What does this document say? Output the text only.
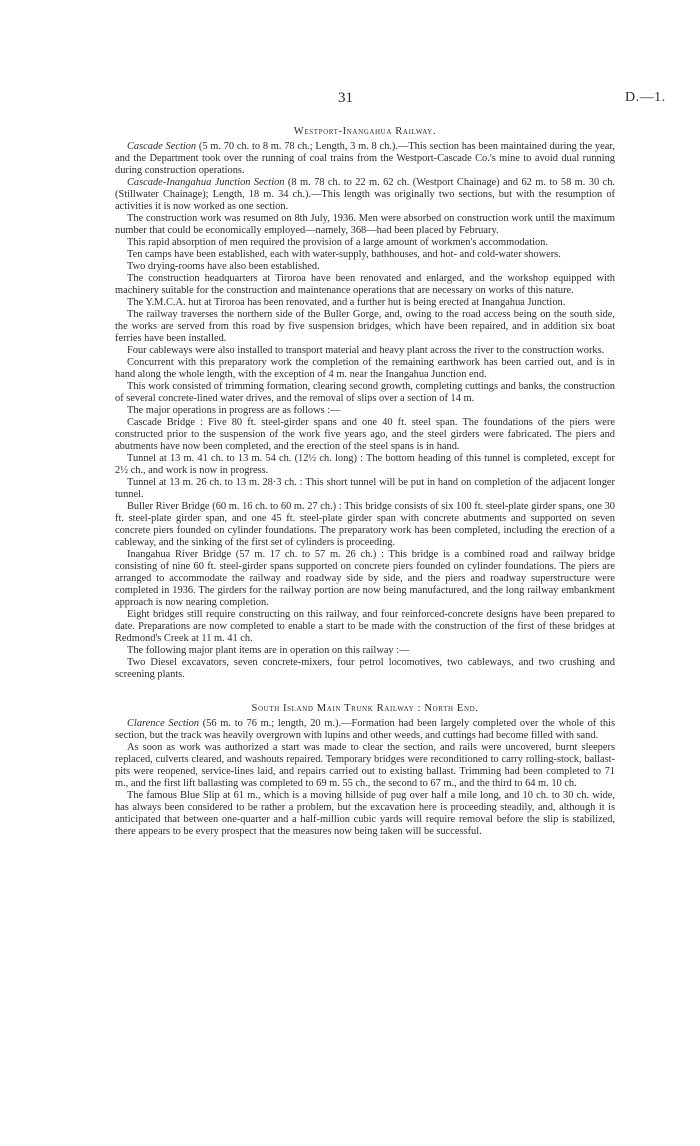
31	D.—1.
Westport-Inangahua Railway.

Cascade Section (5 m. 70 ch. to 8 m. 78 ch.; Length, 3 m. 8 ch.).—This section has been maintained during the year, and the Department took over the running of coal trains from the Westport-Cascade Co.'s mine to avoid dual running during construction operations.

Cascade-Inangahua Junction Section (8 m. 78 ch. to 22 m. 62 ch. (Westport Chainage) and 62 m. to 58 m. 30 ch. (Stillwater Chainage); Length, 18 m. 34 ch.).—This length was originally two sections, but with the resumption of activities it is now worked as one section.

The construction work was resumed on 8th July, 1936. Men were absorbed on construction work until the maximum number that could be economically employed—namely, 368—had been placed by February.

This rapid absorption of men required the provision of a large amount of workmen's accommodation.

Ten camps have been established, each with water-supply, bathhouses, and hot- and cold-water showers.

Two drying-rooms have also been established.

The construction headquarters at Tiroroa have been renovated and enlarged, and the workshop equipped with machinery suitable for the construction and maintenance operations that are necessary on works of this nature.

The Y.M.C.A. hut at Tiroroa has been renovated, and a further hut is being erected at Inangahua Junction.

The railway traverses the northern side of the Buller Gorge, and, owing to the road access being on the south side, the works are served from this road by five suspension bridges, which have been repaired, and in addition six boat ferries have been installed.

Four cableways were also installed to transport material and heavy plant across the river to the construction works.

Concurrent with this preparatory work the completion of the remaining earthwork has been carried out, and is in hand along the whole length, with the exception of 4 m. near the Inangahua Junction end.

This work consisted of trimming formation, clearing second growth, completing cuttings and banks, the construction of several concrete-lined water drives, and the removal of slips over a section of 14 m.

The major operations in progress are as follows :—

Cascade Bridge : Five 80 ft. steel-girder spans and one 40 ft. steel span. The foundations of the piers were constructed prior to the suspension of the work five years ago, and the steel girders were fabricated. The piers and abutments have now been completed, and the erection of the steel spans is in hand.

Tunnel at 13 m. 41 ch. to 13 m. 54 ch. (12½ ch. long) : The bottom heading of this tunnel is completed, except for 2½ ch., and work is now in progress.

Tunnel at 13 m. 26 ch. to 13 m. 28·3 ch. : This short tunnel will be put in hand on completion of the adjacent longer tunnel.

Buller River Bridge (60 m. 16 ch. to 60 m. 27 ch.) : This bridge consists of six 100 ft. steel-plate girder spans, one 30 ft. steel-plate girder span, and one 45 ft. steel-plate girder span with concrete abutments and supported on seven concrete piers founded on cylinder foundations. The preparatory work has been completed, including the erection of a cableway, and the sinking of the first set of cylinders is proceeding.

Inangahua River Bridge (57 m. 17 ch. to 57 m. 26 ch.) : This bridge is a combined road and railway bridge consisting of nine 60 ft. steel-girder spans supported on concrete piers founded on cylinder foundations. The piers are arranged to accommodate the railway and roadway side by side, and the piers and roadway superstructure were completed in 1936. The girders for the railway portion are now being manufactured, and the long railway embankment approach is now nearing completion.

Eight bridges still require constructing on this railway, and four reinforced-concrete designs have been prepared to date. Preparations are now completed to enable a start to be made with the construction of the first of these bridges at Redmond's Creek at 11 m. 41 ch.

The following major plant items are in operation on this railway :—

Two Diesel excavators, seven concrete-mixers, four petrol locomotives, two cableways, and two crushing and screening plants.

South Island Main Trunk Railway : North End.

Clarence Section (56 m. to 76 m.; length, 20 m.).—Formation had been largely completed over the whole of this section, but the track was heavily overgrown with lupins and other weeds, and cuttings had become filled with sand.

As soon as work was authorized a start was made to clear the section, and rails were uncovered, burnt sleepers replaced, culverts cleared, and washouts repaired. Temporary bridges were reconditioned to carry rolling-stock, ballast-pits were reopened, service-lines laid, and repairs carried out to existing ballast. Trimming had been completed to 71 m., and the first lift ballasting was completed to 69 m. 55 ch., the second to 67 m., and the third to 64 m. 10 ch.

The famous Blue Slip at 61 m., which is a moving hillside of pug over half a mile long, and 10 ch. to 30 ch. wide, has always been considered to be rather a problem, but the excavation here is proceeding steadily, and, although it is anticipated that between one-quarter and a half-million cubic yards will require removal before the slip is stabilized, there appears to be every prospect that the measures now being taken will be successful.
